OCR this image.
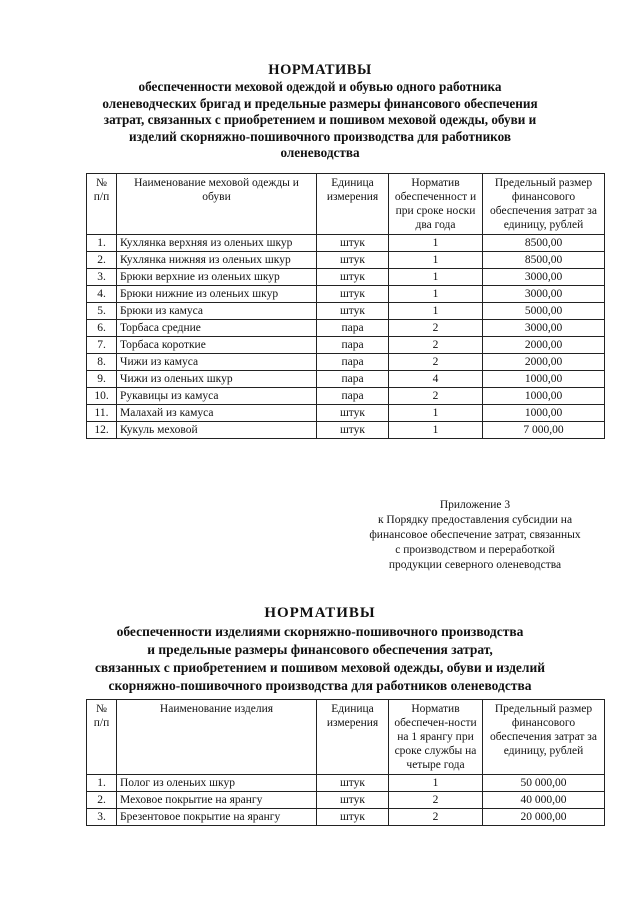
НОРМАТИВЫ
обеспеченности меховой одеждой и обувью одного работника
оленеводческих бригад и предельные размеры финансового обеспечения
затрат, связанных с приобретением и пошивом меховой одежды, обуви и
изделий скорняжно-пошивочного производства для работников
оленеводства
№ п/п	Наименование меховой одежды и обуви	Единица измерения	Норматив обеспеченност и при сроке носки два года	Предельный размер финансового обеспечения затрат за единицу, рублей
1.	Кухлянка верхняя из оленьих шкур	штук	1	8500,00
2.	Кухлянка нижняя из оленьих шкур	штук	1	8500,00
3.	Брюки верхние из оленьих шкур	штук	1	3000,00
4.	Брюки нижние из оленьих шкур	штук	1	3000,00
5.	Брюки из камуса	штук	1	5000,00
6.	Торбаса средние	пара	2	3000,00
7.	Торбаса короткие	пара	2	2000,00
8.	Чижи из камуса	пара	2	2000,00
9.	Чижи из оленьих шкур	пара	4	1000,00
10.	Рукавицы из камуса	пара	2	1000,00
11.	Малахай из камуса	штук	1	1000,00
12.	Кукуль меховой	штук	1	7 000,00
Приложение 3
к Порядку предоставления субсидии на
финансовое обеспечение затрат, связанных
с производством и переработкой
продукции северного оленеводства
НОРМАТИВЫ
обеспеченности изделиями скорняжно-пошивочного производства
и предельные размеры финансового обеспечения затрат,
связанных с приобретением и пошивом меховой одежды, обуви и изделий
скорняжно-пошивочного производства для работников оленеводства
№ п/п	Наименование изделия	Единица измерения	Норматив обеспечен-ности на 1 ярангу при сроке службы на четыре года	Предельный размер финансового обеспечения затрат за единицу, рублей
1.	Полог из оленьих шкур	штук	1	50 000,00
2.	Меховое покрытие на ярангу	штук	2	40 000,00
3.	Брезентовое покрытие на ярангу	штук	2	20 000,00
